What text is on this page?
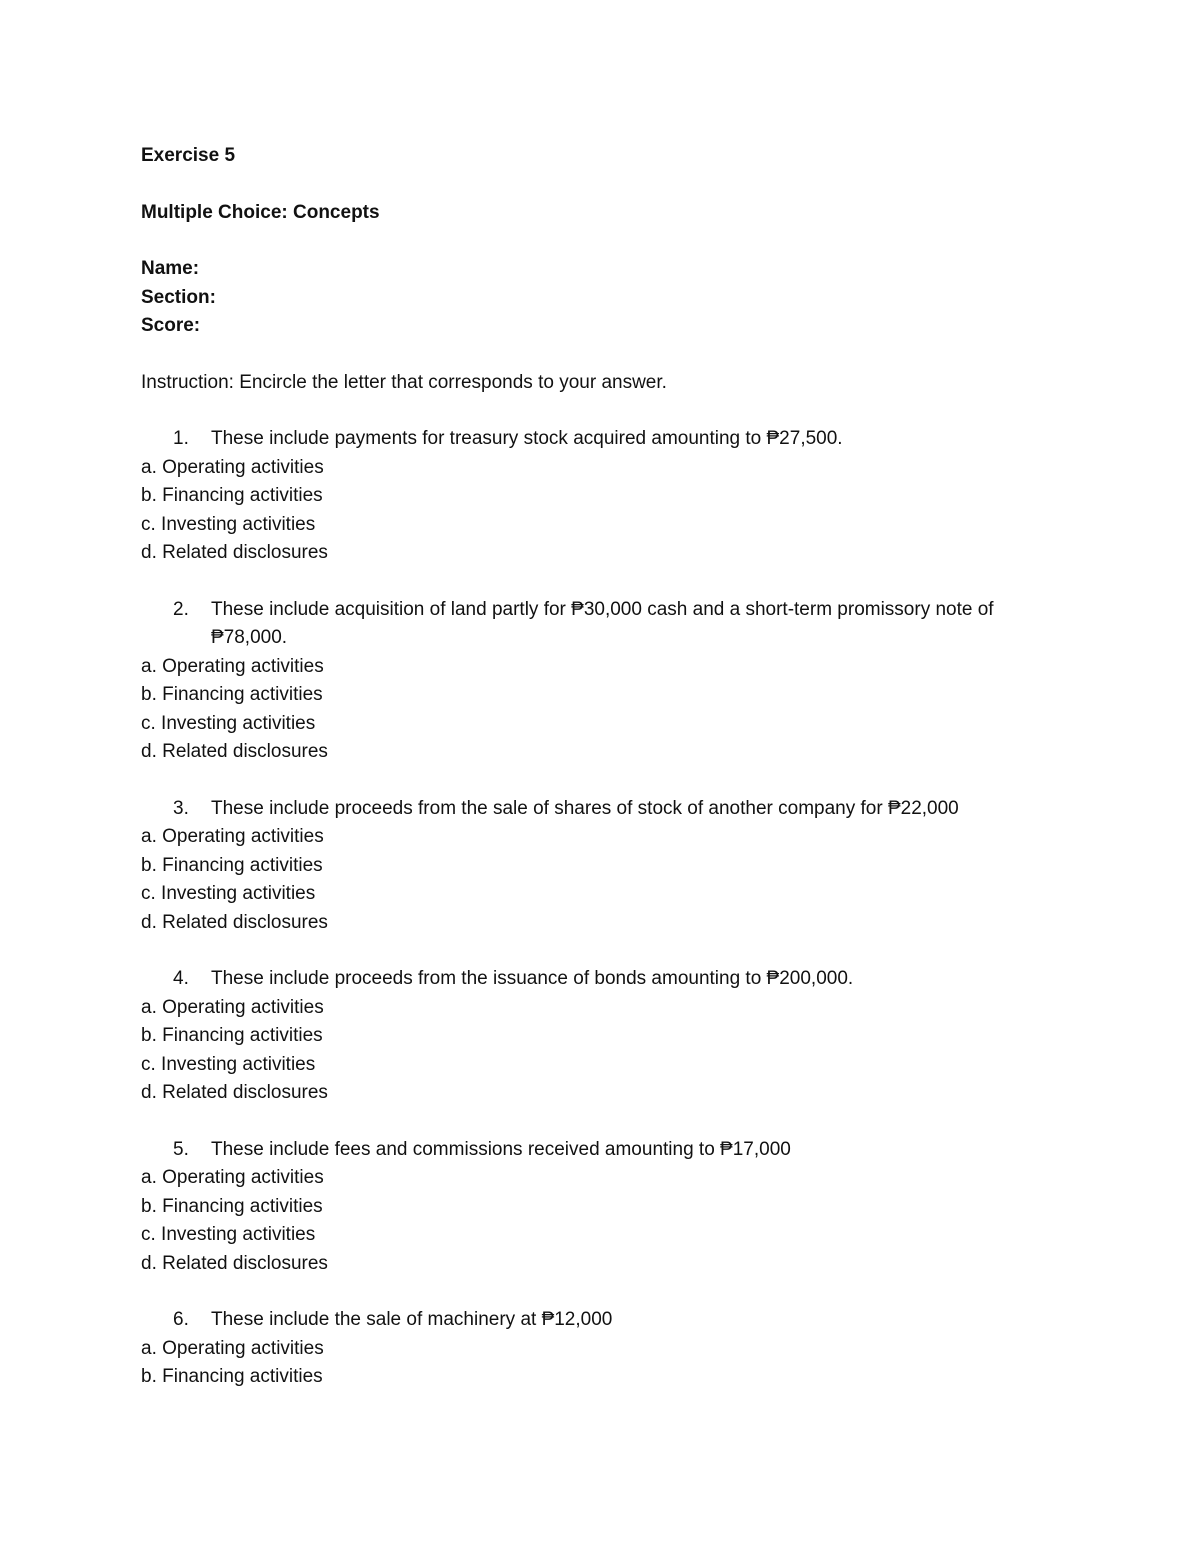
Exercise 5
Multiple Choice: Concepts
Name:
Section:
Score:
Instruction: Encircle the letter that corresponds to your answer.
1. These include payments for treasury stock acquired amounting to ₱27,500.
a. Operating activities
b. Financing activities
c. Investing activities
d. Related disclosures
2. These include acquisition of land partly for ₱30,000 cash and a short-term promissory note of ₱78,000.
a. Operating activities
b. Financing activities
c. Investing activities
d. Related disclosures
3. These include proceeds from the sale of shares of stock of another company for ₱22,000
a. Operating activities
b. Financing activities
c. Investing activities
d. Related disclosures
4. These include proceeds from the issuance of bonds amounting to ₱200,000.
a. Operating activities
b. Financing activities
c. Investing activities
d. Related disclosures
5. These include fees and commissions received amounting to ₱17,000
a. Operating activities
b. Financing activities
c. Investing activities
d. Related disclosures
6. These include the sale of machinery at ₱12,000
a. Operating activities
b. Financing activities
